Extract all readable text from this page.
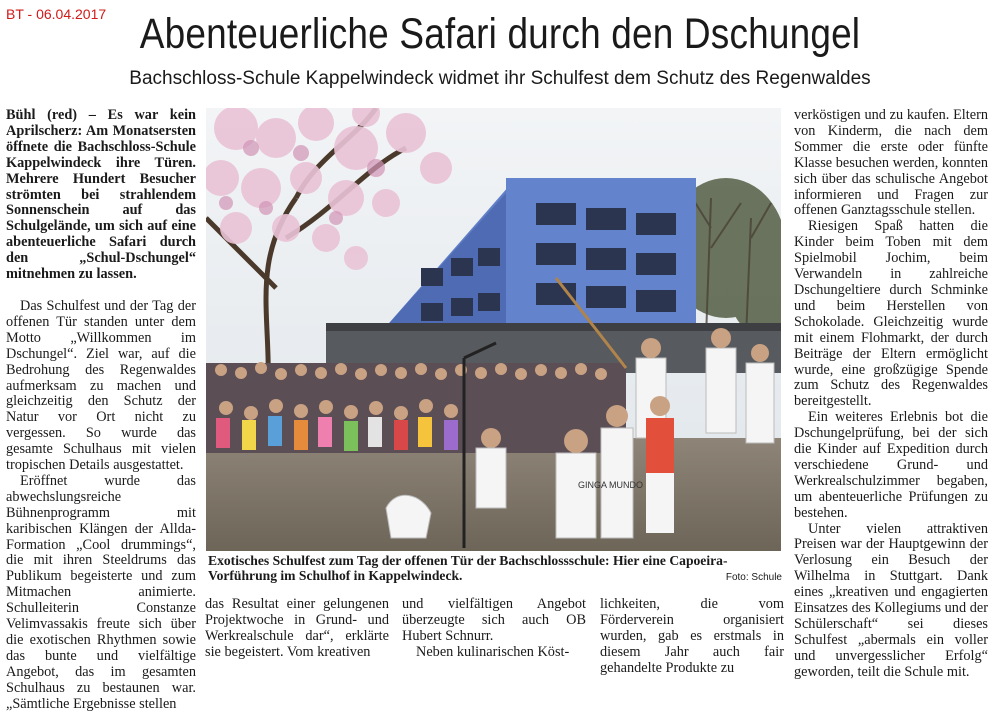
BT - 06.04.2017 Abenteuerliche Safari durch den Dschungel
Bachschloss-Schule Kappelwindeck widmet ihr Schulfest dem Schutz des Regenwaldes

Bühl (red) – Es war kein Aprilscherz: Am Monatsersten öffnete die Bachschloss-Schule Kappelwindeck ihre Türen. Mehrere Hundert Besucher strömten bei strahlendem Sonnenschein auf das Schulgelände, um sich auf eine abenteuerliche Safari durch den „Schul-Dschungel“ mitnehmen zu lassen.

Das Schulfest und der Tag der offenen Tür standen unter dem Motto „Willkommen im Dschungel“. Ziel war, auf die Bedrohung des Regenwaldes aufmerksam zu machen und gleichzeitig den Schutz der Natur vor Ort nicht zu vergessen. So wurde das gesamte Schulhaus mit vielen tropischen Details ausgestattet.

Eröffnet wurde das abwechslungsreiche Bühnenprogramm mit karibischen Klängen der Allda-Formation „Cool drummings“, die mit ihren Steeldrums das Publikum begeisterte und zum Mitmachen animierte. Schulleiterin Constanze Velimvassakis freute sich über die exotischen Rhythmen sowie das bunte und vielfältige Angebot, das im gesamten Schulhaus zu bestaunen war. „Sämtliche Ergebnisse stellen

GINGA MUNDO
Exotisches Schulfest zum Tag der offenen Tür der Bachschlossschule: Hier eine Capoeira-
Vorführung im Schulhof in Kappelwindeck.	Foto: Schule

verköstigen und zu kaufen. Eltern von Kinderm, die nach dem Sommer die erste oder fünfte Klasse besuchen werden, konnten sich über das schulische Angebot informieren und Fragen zur offenen Ganztagsschule stellen.

Riesigen Spaß hatten die Kinder beim Toben mit dem Spielmobil Jochim, beim Verwandeln in zahlreiche Dschungeltiere durch Schminke und beim Herstellen von Schokolade. Gleichzeitig wurde mit einem Flohmarkt, der durch Beiträge der Eltern ermöglicht wurde, eine großzügige Spende zum Schutz des Regenwaldes bereitgestellt.

Ein weiteres Erlebnis bot die Dschungelprüfung, bei der sich die Kinder auf Expedition durch verschiedene Grund- und Werkrealschulzimmer begaben, um abenteuerliche Prüfungen zu bestehen.

Unter vielen attraktiven Preisen war der Hauptgewinn der Verlosung ein Besuch der Wilhelma in Stuttgart. Dank eines „kreativen und engagierten Einsatzes des Kollegiums und der Schülerschaft“ sei dieses Schulfest „abermals ein voller und unvergesslicher Erfolg“ geworden, teilt die Schule mit.

das Resultat einer gelungenen Projektwoche in Grund- und Werkrealschule dar“, erklärte sie begeistert. Vom kreativen

und vielfältigen Angebot überzeugte sich auch OB Hubert Schnurr.

Neben kulinarischen Köst-

lichkeiten, die vom Förderverein organisiert wurden, gab es erstmals in diesem Jahr auch fair gehandelte Produkte zu
